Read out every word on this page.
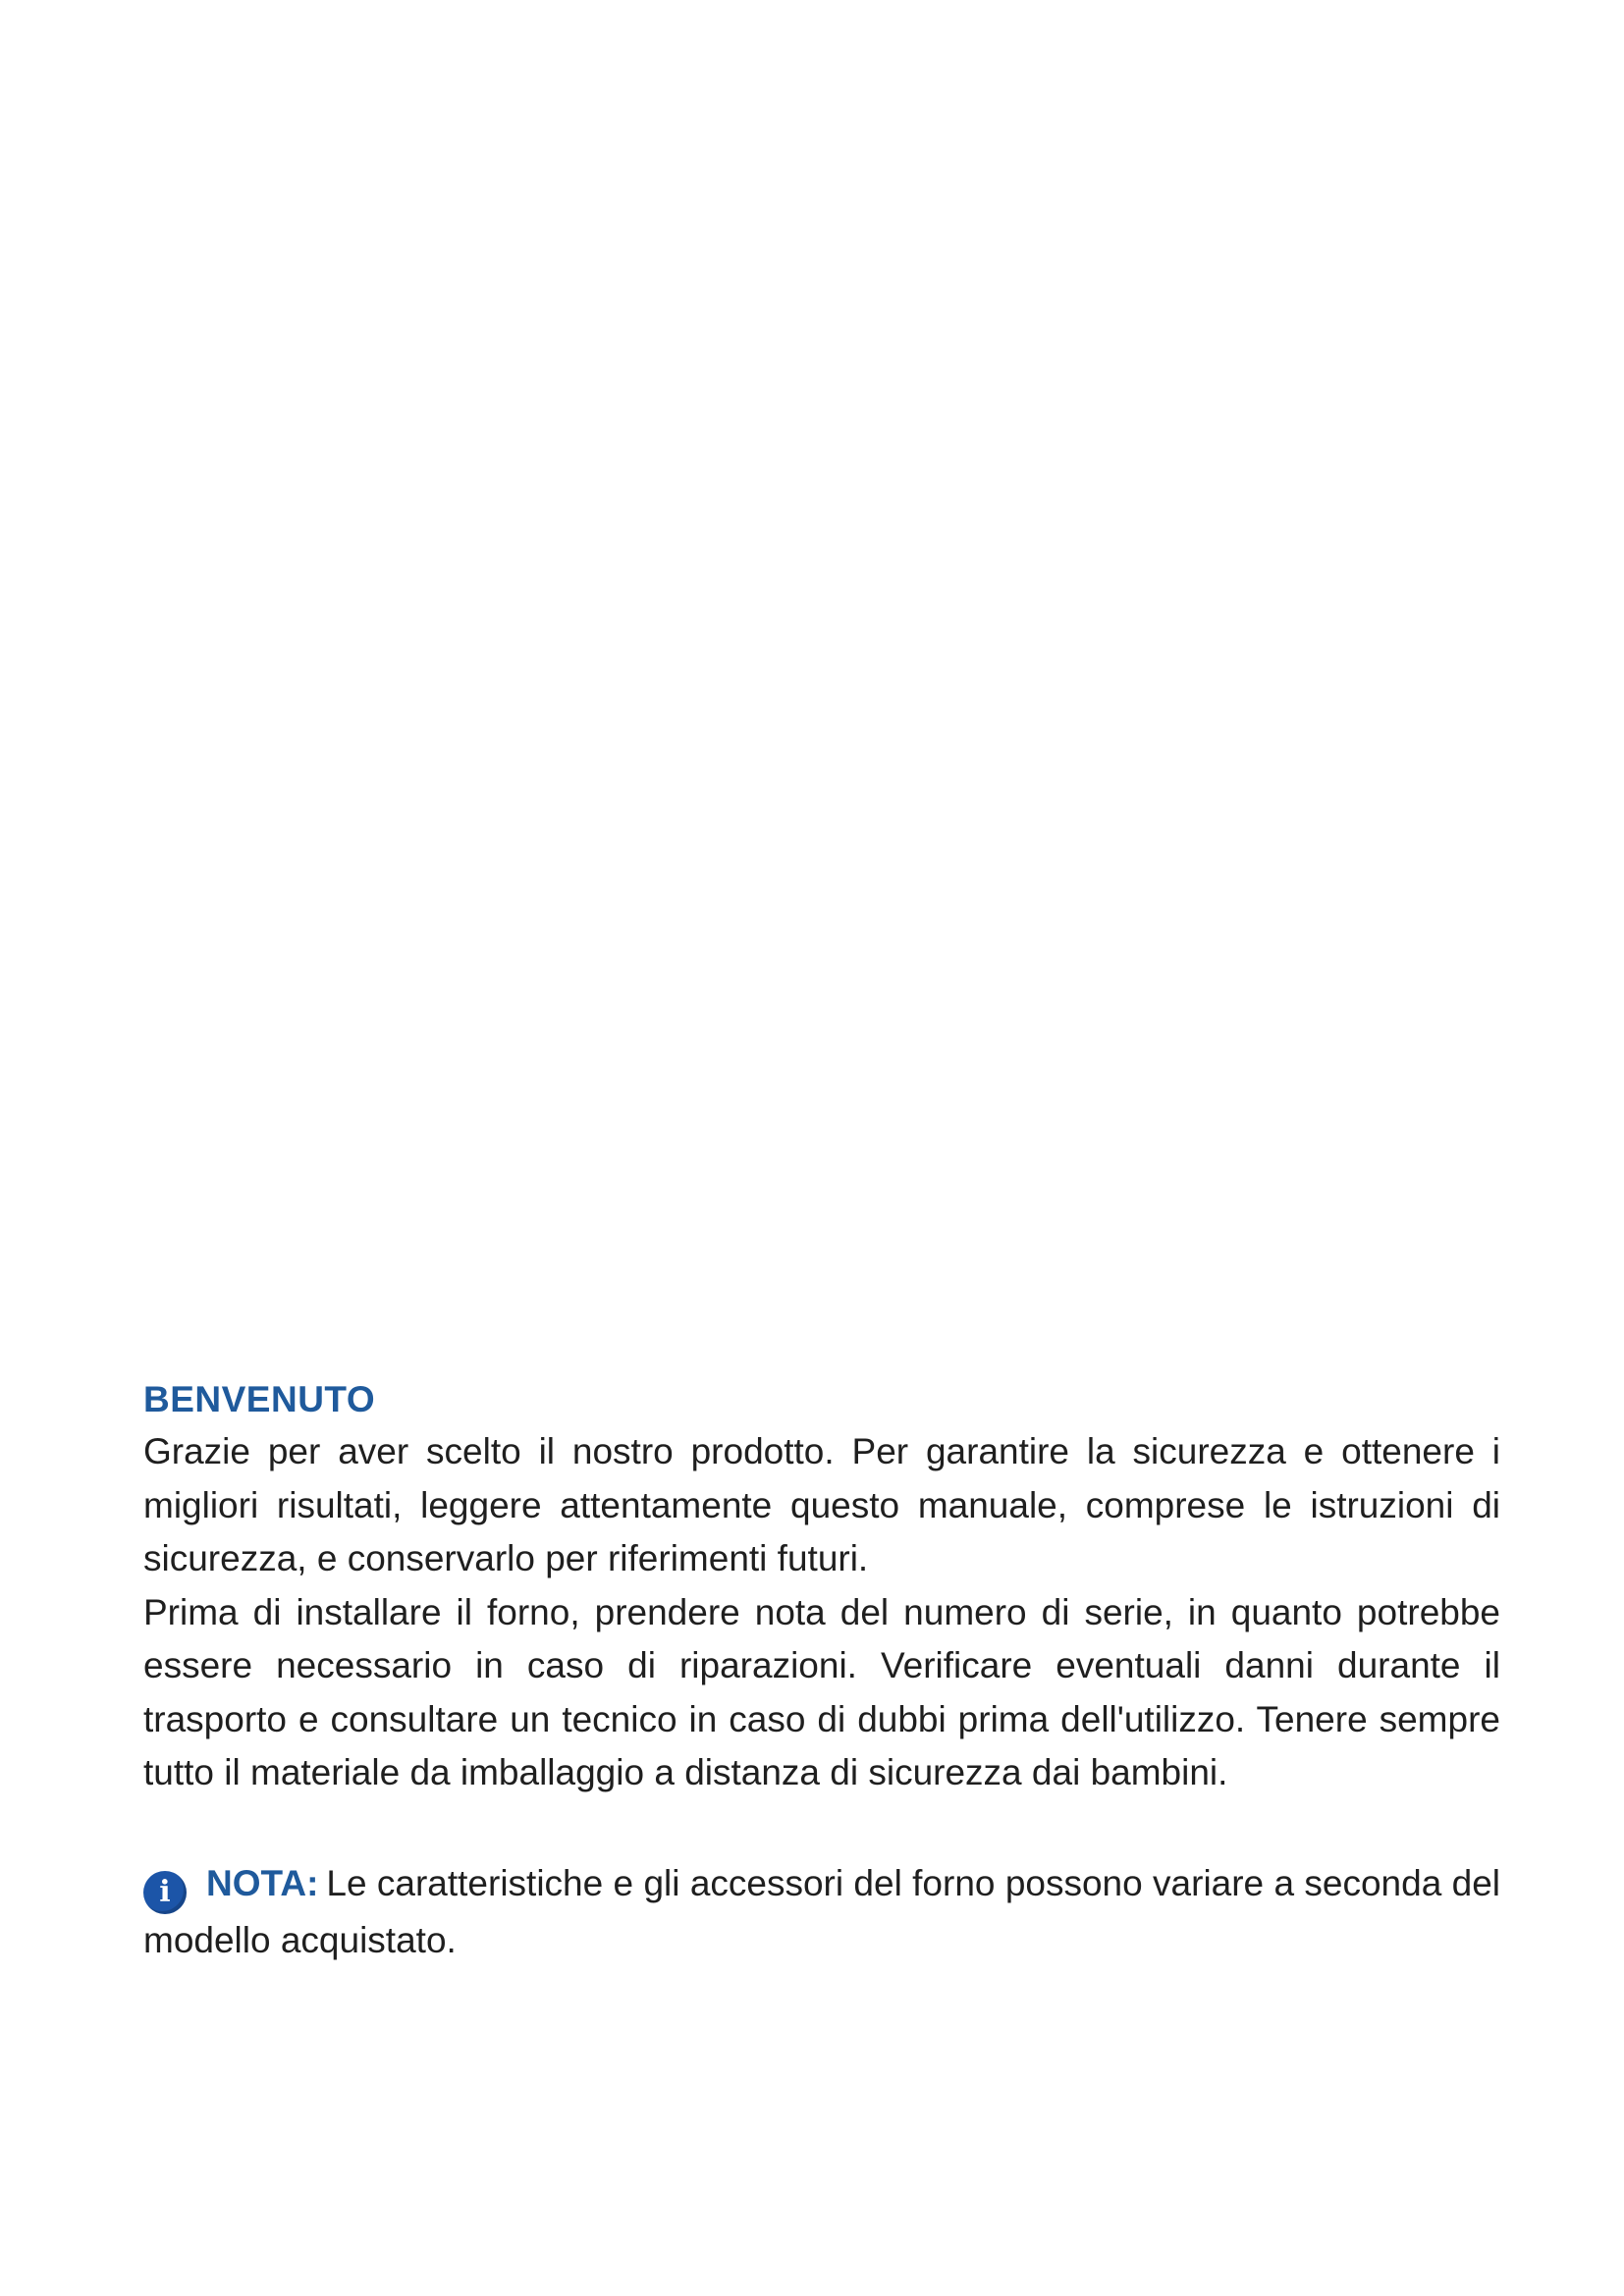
BENVENUTO

Grazie per aver scelto il nostro prodotto. Per garantire la sicurezza e ottenere i migliori risultati, leggere attentamente questo manuale, comprese le istruzioni di sicurezza, e conservarlo per riferimenti futuri.

Prima di installare il forno, prendere nota del numero di serie, in quanto potrebbe essere necessario in caso di riparazioni. Verificare eventuali danni durante il trasporto e consultare un tecnico in caso di dubbi prima dell'utilizzo. Tenere sempre tutto il materiale da imballaggio a distanza di sicurezza dai bambini.

i NOTA: Le caratteristiche e gli accessori del forno possono variare a seconda del modello acquistato.
